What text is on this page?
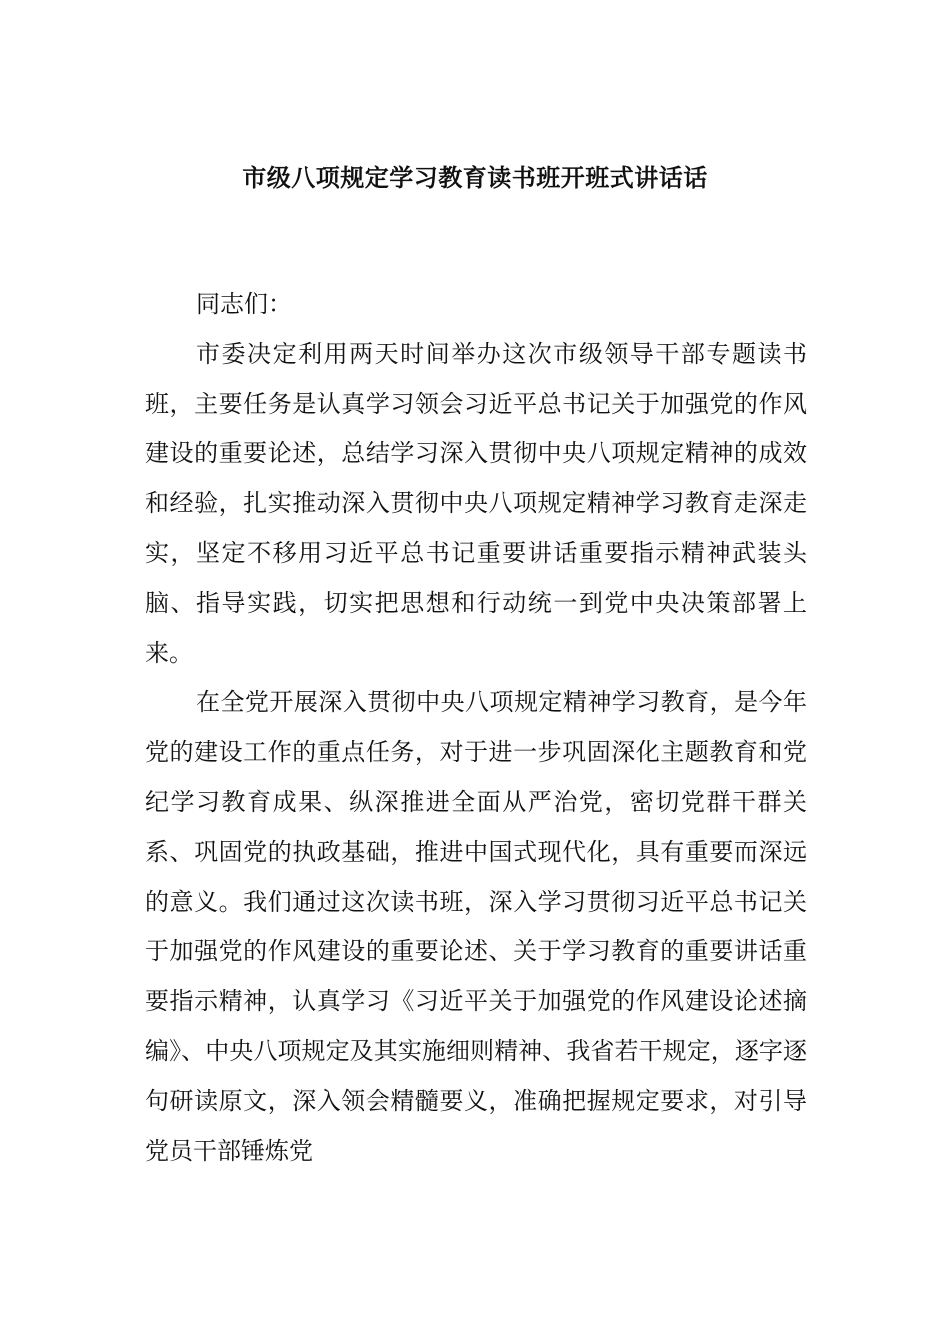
市级八项规定学习教育读书班开班式讲话话

同志们：

市委决定利用两天时间举办这次市级领导干部专题读书班，主要任务是认真学习领会习近平总书记关于加强党的作风建设的重要论述，总结学习深入贯彻中央八项规定精神的成效和经验，扎实推动深入贯彻中央八项规定精神学习教育走深走实，坚定不移用习近平总书记重要讲话重要指示精神武装头脑、指导实践，切实把思想和行动统一到党中央决策部署上来。

在全党开展深入贯彻中央八项规定精神学习教育，是今年党的建设工作的重点任务，对于进一步巩固深化主题教育和党纪学习教育成果、纵深推进全面从严治党，密切党群干群关系、巩固党的执政基础，推进中国式现代化，具有重要而深远的意义。我们通过这次读书班，深入学习贯彻习近平总书记关于加强党的作风建设的重要论述、关于学习教育的重要讲话重要指示精神，认真学习《习近平关于加强党的作风建设论述摘编》、中央八项规定及其实施细则精神、我省若干规定，逐字逐句研读原文，深入领会精髓要义，准确把握规定要求，对引导党员干部锤炼党
